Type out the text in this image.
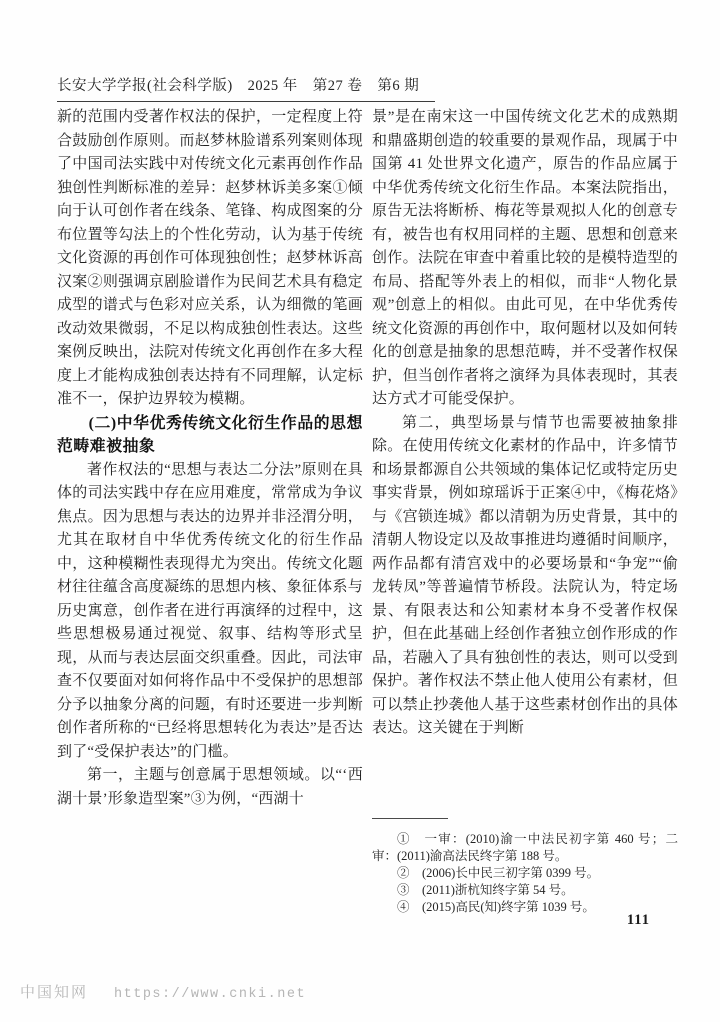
长安大学学报(社会科学版)　2025 年　第27 卷　第6 期

新的范围内受著作权法的保护，一定程度上符合鼓励创作原则。而赵梦林脸谱系列案则体现了中国司法实践中对传统文化元素再创作作品独创性判断标准的差异：赵梦林诉美多案①倾向于认可创作者在线条、笔锋、构成图案的分布位置等勾法上的个性化劳动，认为基于传统文化资源的再创作可体现独创性；赵梦林诉高汉案②则强调京剧脸谱作为民间艺术具有稳定成型的谱式与色彩对应关系，认为细微的笔画改动效果微弱，不足以构成独创性表达。这些案例反映出，法院对传统文化再创作在多大程度上才能构成独创表达持有不同理解，认定标准不一，保护边界较为模糊。

(二)中华优秀传统文化衍生作品的思想范畴难被抽象

著作权法的“思想与表达二分法”原则在具体的司法实践中存在应用难度，常常成为争议焦点。因为思想与表达的边界并非泾渭分明，尤其在取材自中华优秀传统文化的衍生作品中，这种模糊性表现得尤为突出。传统文化题材往往蕴含高度凝练的思想内核、象征体系与历史寓意，创作者在进行再演绎的过程中，这些思想极易通过视觉、叙事、结构等形式呈现，从而与表达层面交织重叠。因此，司法审查不仅要面对如何将作品中不受保护的思想部分予以抽象分离的问题，有时还要进一步判断创作者所称的“已经将思想转化为表达”是否达到了“受保护表达”的门槛。

第一，主题与创意属于思想领域。以“‘西湖十景’形象造型案”③为例，“西湖十

景”是在南宋这一中国传统文化艺术的成熟期和鼎盛期创造的较重要的景观作品，现属于中国第 41 处世界文化遗产，原告的作品应属于中华优秀传统文化衍生作品。本案法院指出，原告无法将断桥、梅花等景观拟人化的创意专有，被告也有权用同样的主题、思想和创意来创作。法院在审查中着重比较的是模特造型的布局、搭配等外表上的相似，而非“人物化景观”创意上的相似。由此可见，在中华优秀传统文化资源的再创作中，取何题材以及如何转化的创意是抽象的思想范畴，并不受著作权保护，但当创作者将之演绎为具体表现时，其表达方式才可能受保护。

第二，典型场景与情节也需要被抽象排除。在使用传统文化素材的作品中，许多情节和场景都源自公共领域的集体记忆或特定历史事实背景，例如琼瑶诉于正案④中，《梅花烙》与《宫锁连城》都以清朝为历史背景，其中的清朝人物设定以及故事推进均遵循时间顺序，两作品都有清宫戏中的必要场景和“争宠”“偷龙转凤”等普遍情节桥段。法院认为，特定场景、有限表达和公知素材本身不受著作权保护，但在此基础上经创作者独立创作形成的作品，若融入了具有独创性的表达，则可以受到保护。著作权法不禁止他人使用公有素材，但可以禁止抄袭他人基于这些素材创作出的具体表达。这关键在于判断

①　一审：(2010)渝一中法民初字第 460 号；二审：(2011)渝高法民终字第 188 号。

②　(2006)长中民三初字第 0399 号。

③　(2011)浙杭知终字第 54 号。

④　(2015)高民(知)终字第 1039 号。

111
中国知网 https://www.cnki.net
